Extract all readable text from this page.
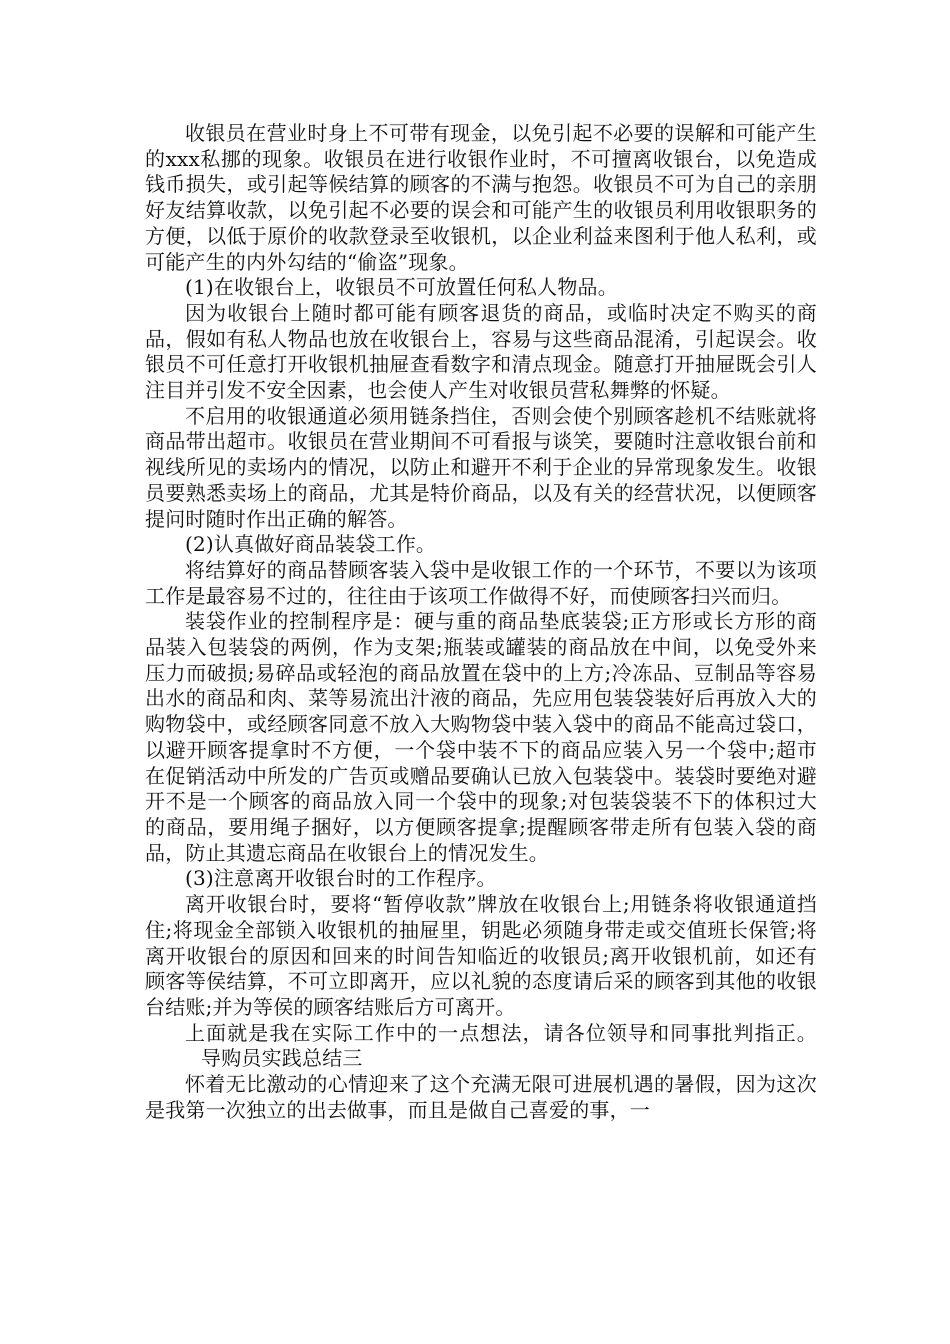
收银员在营业时身上不可带有现金，以免引起不必要的误解和可能产生的xxx私挪的现象。收银员在进行收银作业时，不可擅离收银台，以免造成钱币损失，或引起等候结算的顾客的不满与抱怨。收银员不可为自己的亲朋好友结算收款，以免引起不必要的误会和可能产生的收银员利用收银职务的方便，以低于原价的收款登录至收银机，以企业利益来图利于他人私利，或可能产生的内外勾结的“偷盗”现象。

(1)在收银台上，收银员不可放置任何私人物品。

因为收银台上随时都可能有顾客退货的商品，或临时决定不购买的商品，假如有私人物品也放在收银台上，容易与这些商品混淆，引起误会。收银员不可任意打开收银机抽屉查看数字和清点现金。随意打开抽屉既会引人注目并引发不安全因素，也会使人产生对收银员营私舞弊的怀疑。

不启用的收银通道必须用链条挡住，否则会使个别顾客趁机不结账就将商品带出超市。收银员在营业期间不可看报与谈笑，要随时注意收银台前和视线所见的卖场内的情况，以防止和避开不利于企业的异常现象发生。收银员要熟悉卖场上的商品，尤其是特价商品，以及有关的经营状况，以便顾客提问时随时作出正确的解答。

(2)认真做好商品装袋工作。

将结算好的商品替顾客装入袋中是收银工作的一个环节，不要以为该项工作是最容易不过的，往往由于该项工作做得不好，而使顾客扫兴而归。

装袋作业的控制程序是：硬与重的商品垫底装袋;正方形或长方形的商品装入包装袋的两例，作为支架;瓶装或罐装的商品放在中间，以免受外来压力而破损;易碎品或轻泡的商品放置在袋中的上方;冷冻品、豆制品等容易出水的商品和肉、菜等易流出汁液的商品，先应用包装袋装好后再放入大的购物袋中，或经顾客同意不放入大购物袋中装入袋中的商品不能高过袋口，以避开顾客提拿时不方便，一个袋中装不下的商品应装入另一个袋中;超市在促销活动中所发的广告页或赠品要确认已放入包装袋中。装袋时要绝对避开不是一个顾客的商品放入同一个袋中的现象;对包装袋装不下的体积过大的商品，要用绳子捆好，以方便顾客提拿;提醒顾客带走所有包装入袋的商品，防止其遗忘商品在收银台上的情况发生。

(3)注意离开收银台时的工作程序。

离开收银台时，要将“暂停收款”牌放在收银台上;用链条将收银通道挡住;将现金全部锁入收银机的抽屉里，钥匙必须随身带走或交值班长保管;将离开收银台的原因和回来的时间告知临近的收银员;离开收银机前，如还有顾客等侯结算，不可立即离开，应以礼貌的态度请后采的顾客到其他的收银台结账;并为等侯的顾客结账后方可离开。

上面就是我在实际工作中的一点想法，请各位领导和同事批判指正。导购员实践总结三

怀着无比激动的心情迎来了这个充满无限可进展机遇的暑假，因为这次是我第一次独立的出去做事，而且是做自己喜爱的事，一
